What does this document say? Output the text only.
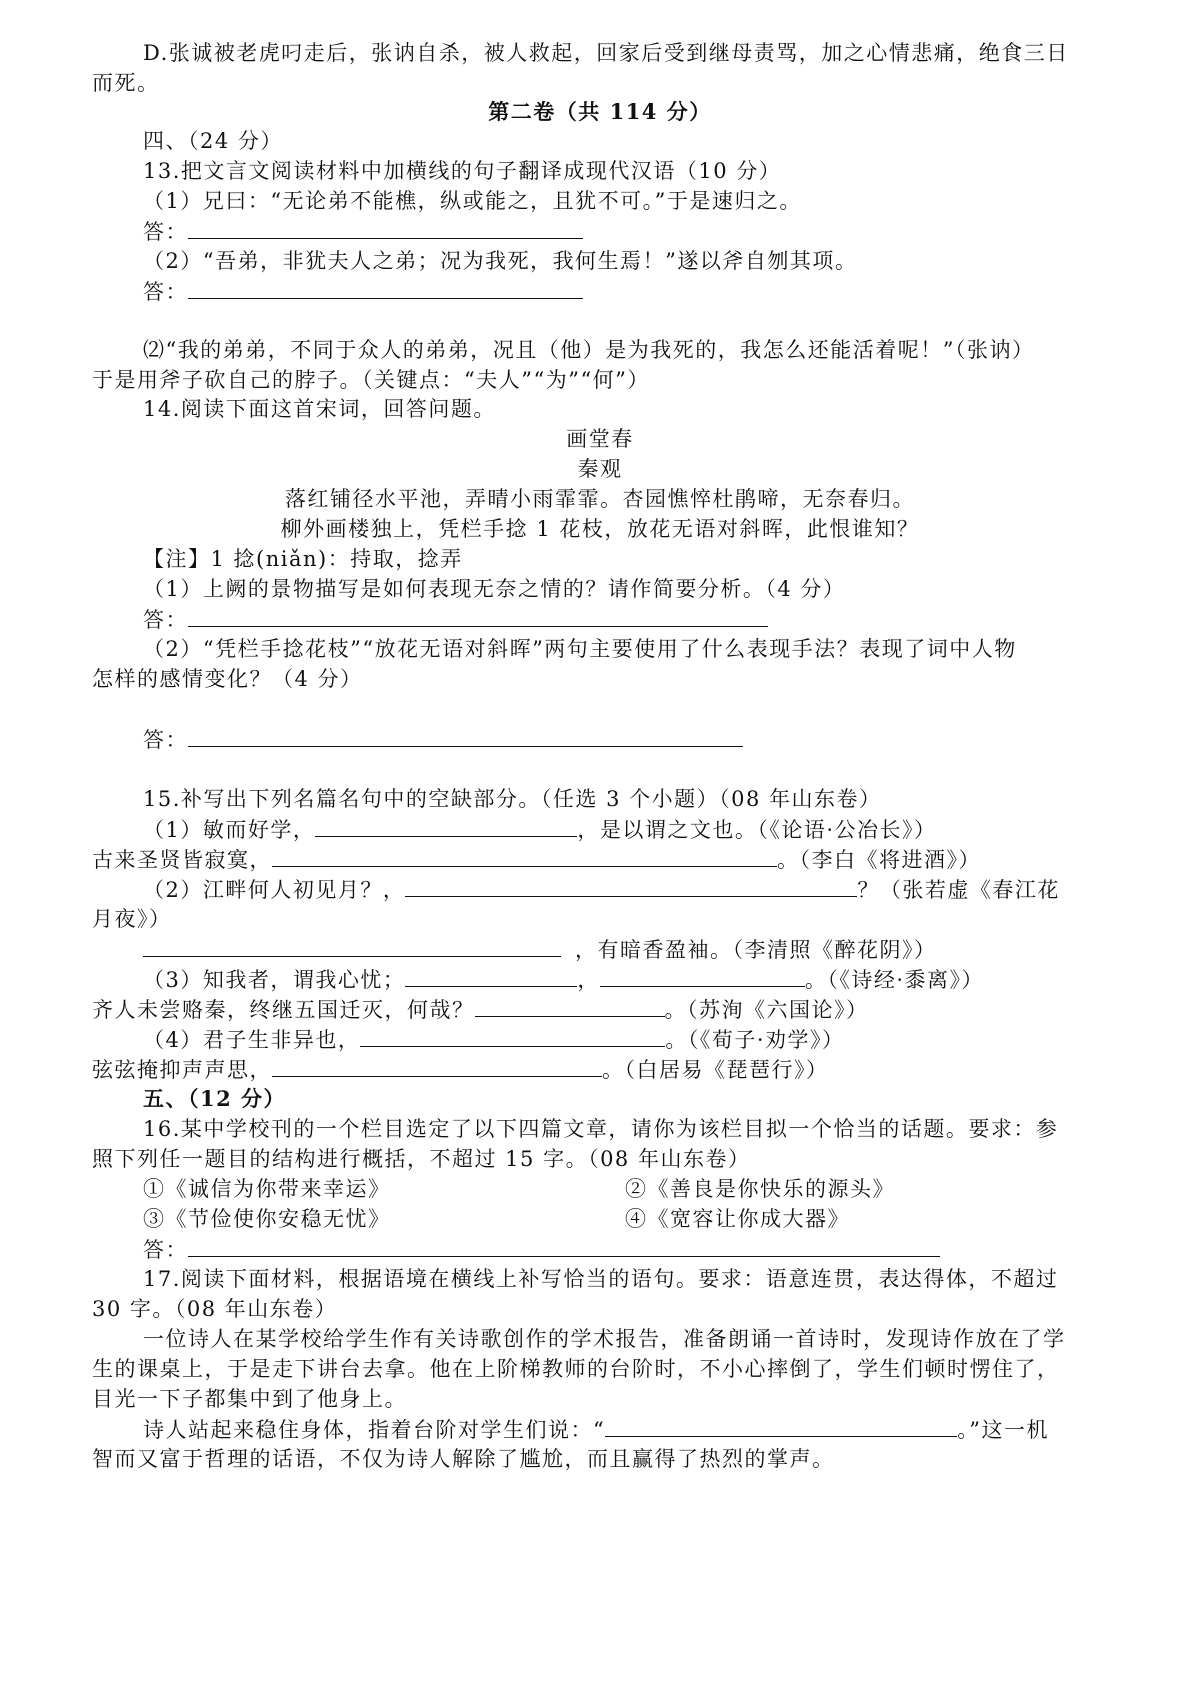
D.张诚被老虎叼走后，张讷自杀，被人救起，回家后受到继母责骂，加之心情悲痛，绝食三日
而死。
第二卷（共 114 分）
四、（24 分）
13.把文言文阅读材料中加横线的句子翻译成现代汉语（10 分）
（1）兄曰：“无论弟不能樵，纵或能之，且犹不可。”于是速归之。
答：
（2）“吾弟，非犹夫人之弟；况为我死，我何生焉！”遂以斧自刎其项。
答：
⑵“我的弟弟，不同于众人的弟弟，况且（他）是为我死的，我怎么还能活着呢！”（张讷）
于是用斧子砍自己的脖子。（关键点：“夫人”“为”“何”）
14.阅读下面这首宋词，回答问题。
画堂春
秦观
落红铺径水平池，弄晴小雨霏霏。杏园憔悴杜鹃啼，无奈春归。
柳外画楼独上，凭栏手捻 1 花枝，放花无语对斜晖，此恨谁知？
【注】1 捻(niǎn)：持取，捻弄
（1）上阙的景物描写是如何表现无奈之情的？请作简要分析。（4 分）
答：
（2）“凭栏手捻花枝”“放花无语对斜晖”两句主要使用了什么表现手法？表现了词中人物
怎样的感情变化？（4 分）
答：
15.补写出下列名篇名句中的空缺部分。（任选 3 个小题）（08 年山东卷）
（1）敏而好学，	，是以谓之文也。（《论语·公冶长》）
古来圣贤皆寂寞，	。（李白《将进酒》）
（2）江畔何人初见月？，	？（张若虚《春江花
月夜》）
，有暗香盈袖。（李清照《醉花阴》）
（3）知我者，谓我心忧；	，	。（《诗经·黍离》）
齐人未尝赂秦，终继五国迁灭，何哉？	。（苏洵《六国论》）
（4）君子生非异也，	。（《荀子·劝学》）
弦弦掩抑声声思，	。（白居易《琵琶行》）
五、（12 分）
16.某中学校刊的一个栏目选定了以下四篇文章，请你为该栏目拟一个恰当的话题。要求：参
照下列任一题目的结构进行概括，不超过 15 字。（08 年山东卷）
①《诚信为你带来幸运》	②《善良是你快乐的源头》
③《节俭使你安稳无忧》	④《宽容让你成大器》
答：
17.阅读下面材料，根据语境在横线上补写恰当的语句。要求：语意连贯，表达得体，不超过
30 字。（08 年山东卷）
一位诗人在某学校给学生作有关诗歌创作的学术报告，准备朗诵一首诗时，发现诗作放在了学
生的课桌上，于是走下讲台去拿。他在上阶梯教师的台阶时，不小心摔倒了，学生们顿时愣住了，
目光一下子都集中到了他身上。
诗人站起来稳住身体，指着台阶对学生们说：“	。”这一机
智而又富于哲理的话语，不仅为诗人解除了尴尬，而且赢得了热烈的掌声。
